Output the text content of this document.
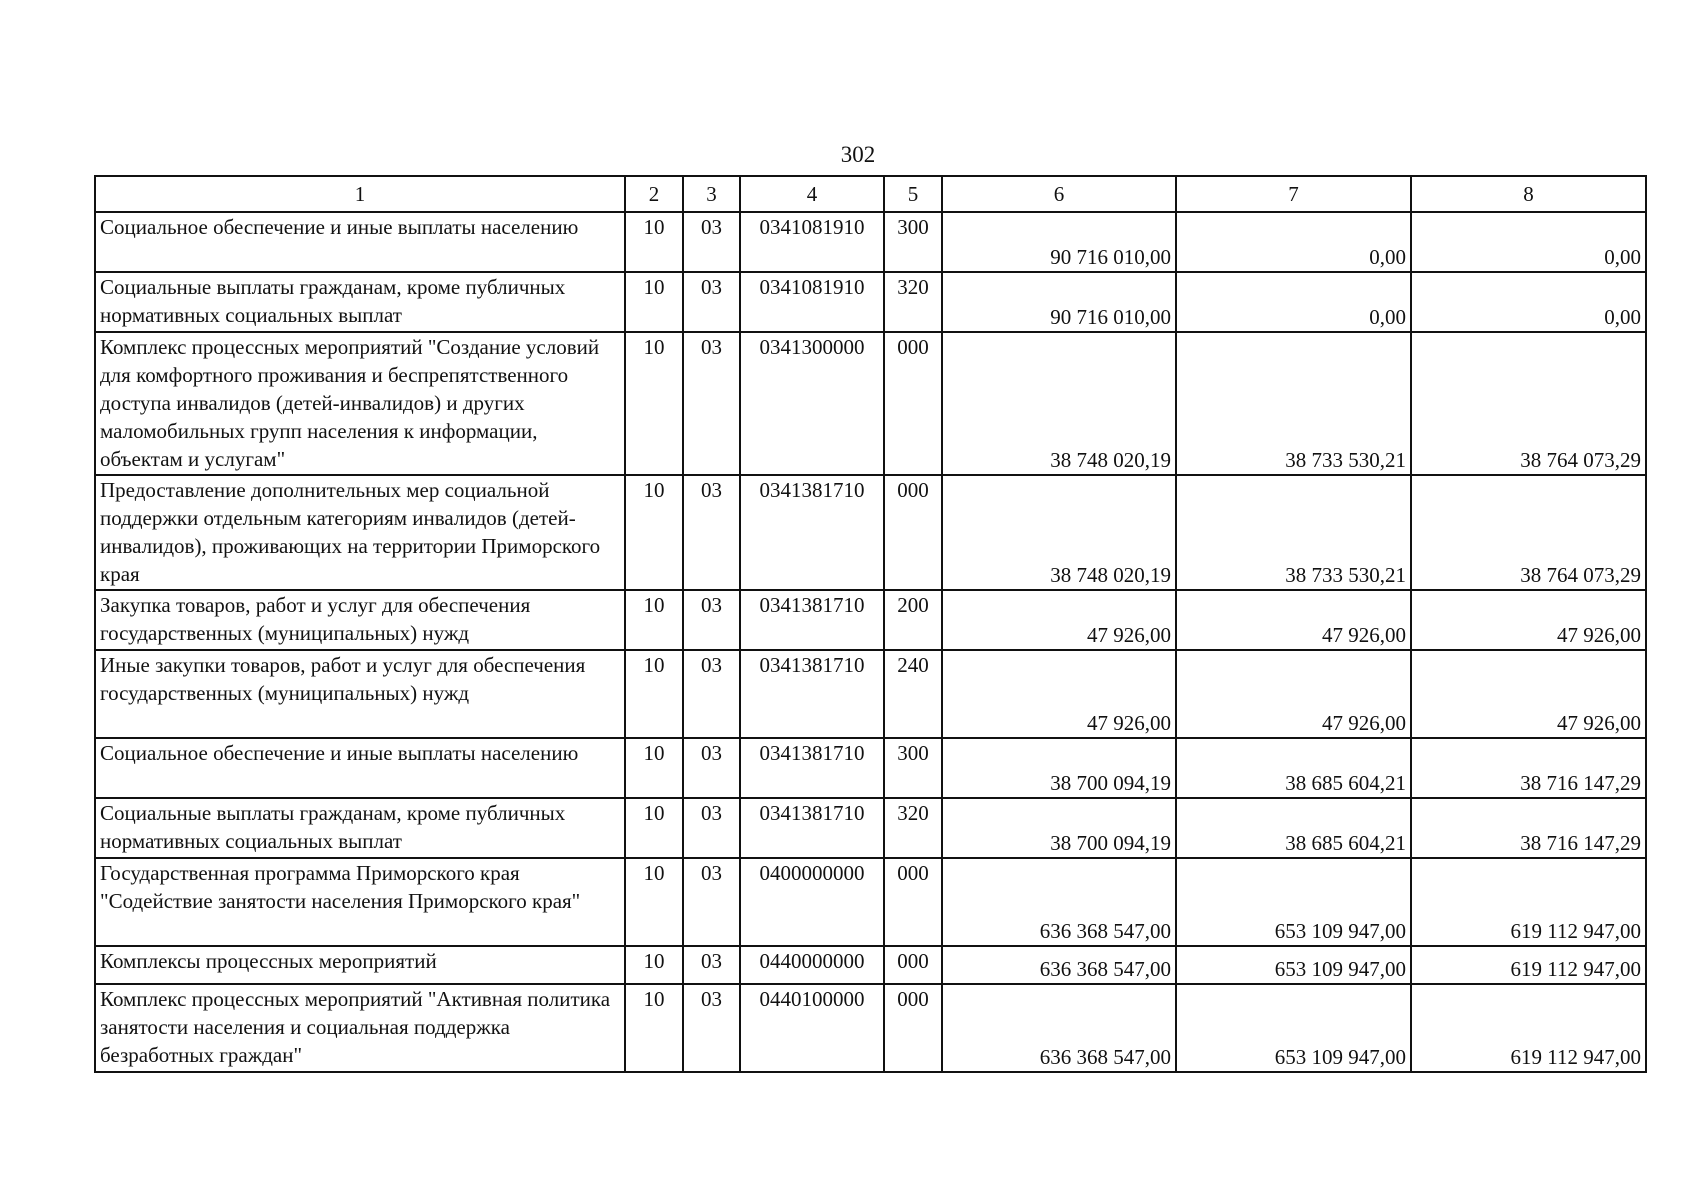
302
1	2	3	4	5	6	7	8
Социальное обеспечение и иные выплаты населению	10	03	0341081910	300	90 716 010,00	0,00	0,00
Социальные выплаты гражданам, кроме публичных нормативных социальных выплат	10	03	0341081910	320	90 716 010,00	0,00	0,00
Комплекс процессных мероприятий "Создание условий для комфортного проживания и беспрепятственного доступа инвалидов (детей-инвалидов) и других маломобильных групп населения к информации, объектам и услугам"	10	03	0341300000	000	38 748 020,19	38 733 530,21	38 764 073,29
Предоставление дополнительных мер социальной поддержки отдельным категориям инвалидов (детей-инвалидов), проживающих на территории Приморского края	10	03	0341381710	000	38 748 020,19	38 733 530,21	38 764 073,29
Закупка товаров, работ и услуг для обеспечения государственных (муниципальных) нужд	10	03	0341381710	200	47 926,00	47 926,00	47 926,00
Иные закупки товаров, работ и услуг для обеспечения государственных (муниципальных) нужд	10	03	0341381710	240	47 926,00	47 926,00	47 926,00
Социальное обеспечение и иные выплаты населению	10	03	0341381710	300	38 700 094,19	38 685 604,21	38 716 147,29
Социальные выплаты гражданам, кроме публичных нормативных социальных выплат	10	03	0341381710	320	38 700 094,19	38 685 604,21	38 716 147,29
Государственная программа Приморского края "Содействие занятости населения Приморского края"	10	03	0400000000	000	636 368 547,00	653 109 947,00	619 112 947,00
Комплексы процессных мероприятий	10	03	0440000000	000	636 368 547,00	653 109 947,00	619 112 947,00
Комплекс процессных мероприятий "Активная политика занятости населения и социальная поддержка безработных граждан"	10	03	0440100000	000	636 368 547,00	653 109 947,00	619 112 947,00
